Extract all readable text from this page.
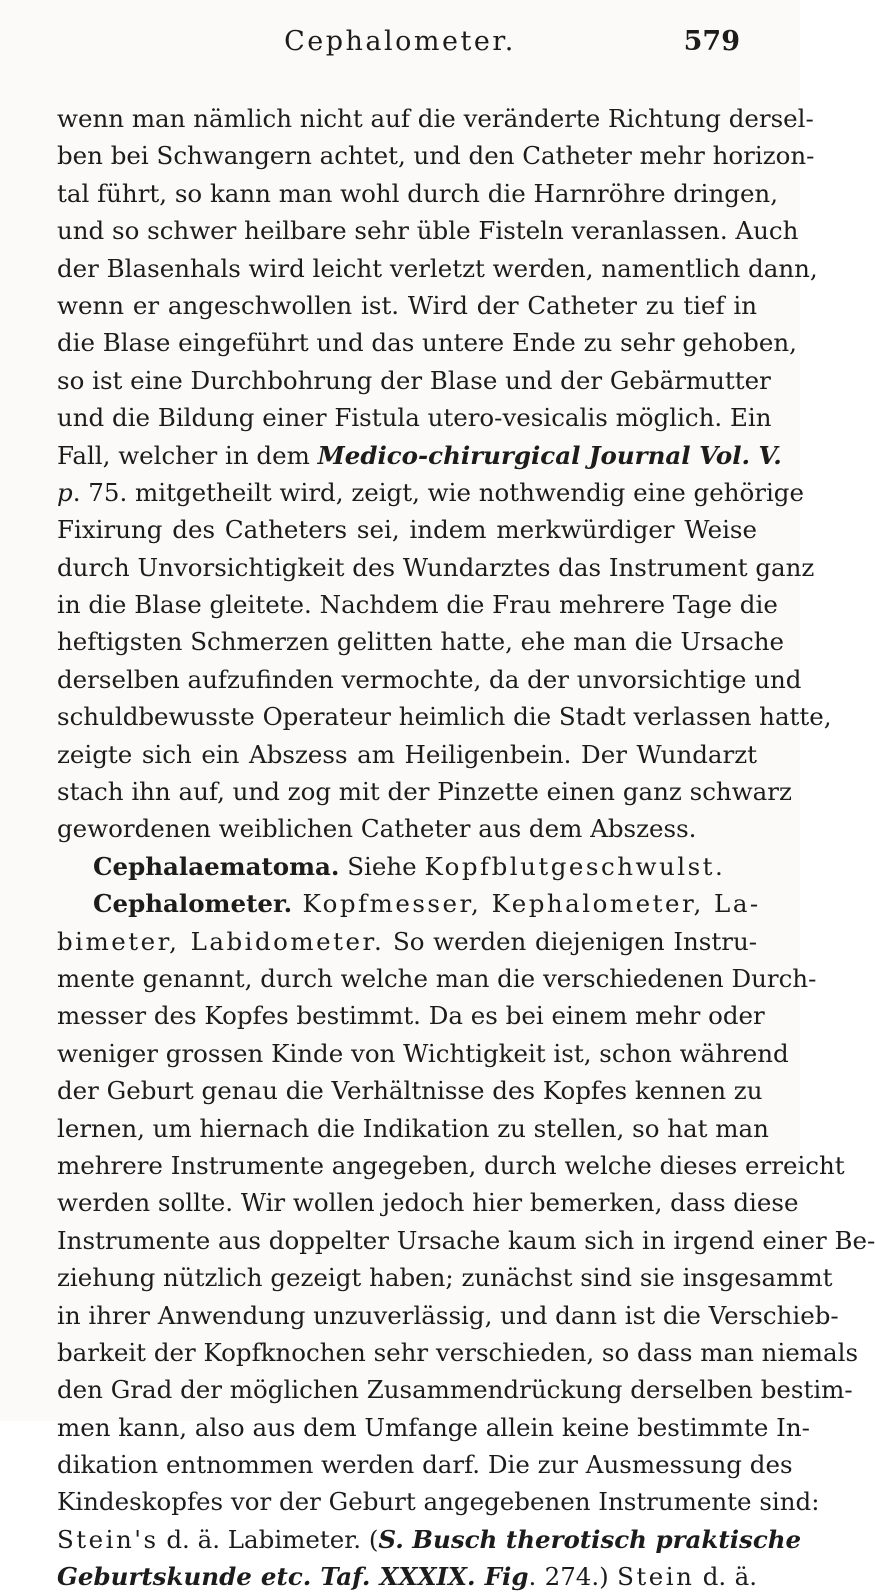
Cephalometer.	579
wenn man nämlich nicht auf die veränderte Richtung dersel-
ben bei Schwangern achtet, und den Catheter mehr horizon-
tal führt, so kann man wohl durch die Harnröhre dringen,
und so schwer heilbare sehr üble Fisteln veranlassen. Auch
der Blasenhals wird leicht verletzt werden, namentlich dann,
wenn er angeschwollen ist. Wird der Catheter zu tief in
die Blase eingeführt und das untere Ende zu sehr gehoben,
so ist eine Durchbohrung der Blase und der Gebärmutter
und die Bildung einer Fistula utero-vesicalis möglich. Ein
Fall, welcher in dem Medico-chirurgical Journal Vol. V.
p. 75. mitgetheilt wird, zeigt, wie nothwendig eine gehörige
Fixirung des Catheters sei, indem merkwürdiger Weise
durch Unvorsichtigkeit des Wundarztes das Instrument ganz
in die Blase gleitete. Nachdem die Frau mehrere Tage die
heftigsten Schmerzen gelitten hatte, ehe man die Ursache
derselben aufzufinden vermochte, da der unvorsichtige und
schuldbewusste Operateur heimlich die Stadt verlassen hatte,
zeigte sich ein Abszess am Heiligenbein. Der Wundarzt
stach ihn auf, und zog mit der Pinzette einen ganz schwarz
gewordenen weiblichen Catheter aus dem Abszess.
Cephalaematoma. Siehe Kopfblutgeschwulst.
Cephalometer. Kopfmesser, Kephalometer, La-
bimeter, Labidometer. So werden diejenigen Instru-
mente genannt, durch welche man die verschiedenen Durch-
messer des Kopfes bestimmt. Da es bei einem mehr oder
weniger grossen Kinde von Wichtigkeit ist, schon während
der Geburt genau die Verhältnisse des Kopfes kennen zu
lernen, um hiernach die Indikation zu stellen, so hat man
mehrere Instrumente angegeben, durch welche dieses erreicht
werden sollte. Wir wollen jedoch hier bemerken, dass diese
Instrumente aus doppelter Ursache kaum sich in irgend einer Be-
ziehung nützlich gezeigt haben; zunächst sind sie insgesammt
in ihrer Anwendung unzuverlässig, und dann ist die Verschieb-
barkeit der Kopfknochen sehr verschieden, so dass man niemals
den Grad der möglichen Zusammendrückung derselben bestim-
men kann, also aus dem Umfange allein keine bestimmte In-
dikation entnommen werden darf. Die zur Ausmessung des
Kindeskopfes vor der Geburt angegebenen Instrumente sind:
Stein's d. ä. Labimeter. (S. Busch therotisch praktische
Geburtskunde etc. Taf. XXXIX. Fig. 274.) Stein d. ä.
